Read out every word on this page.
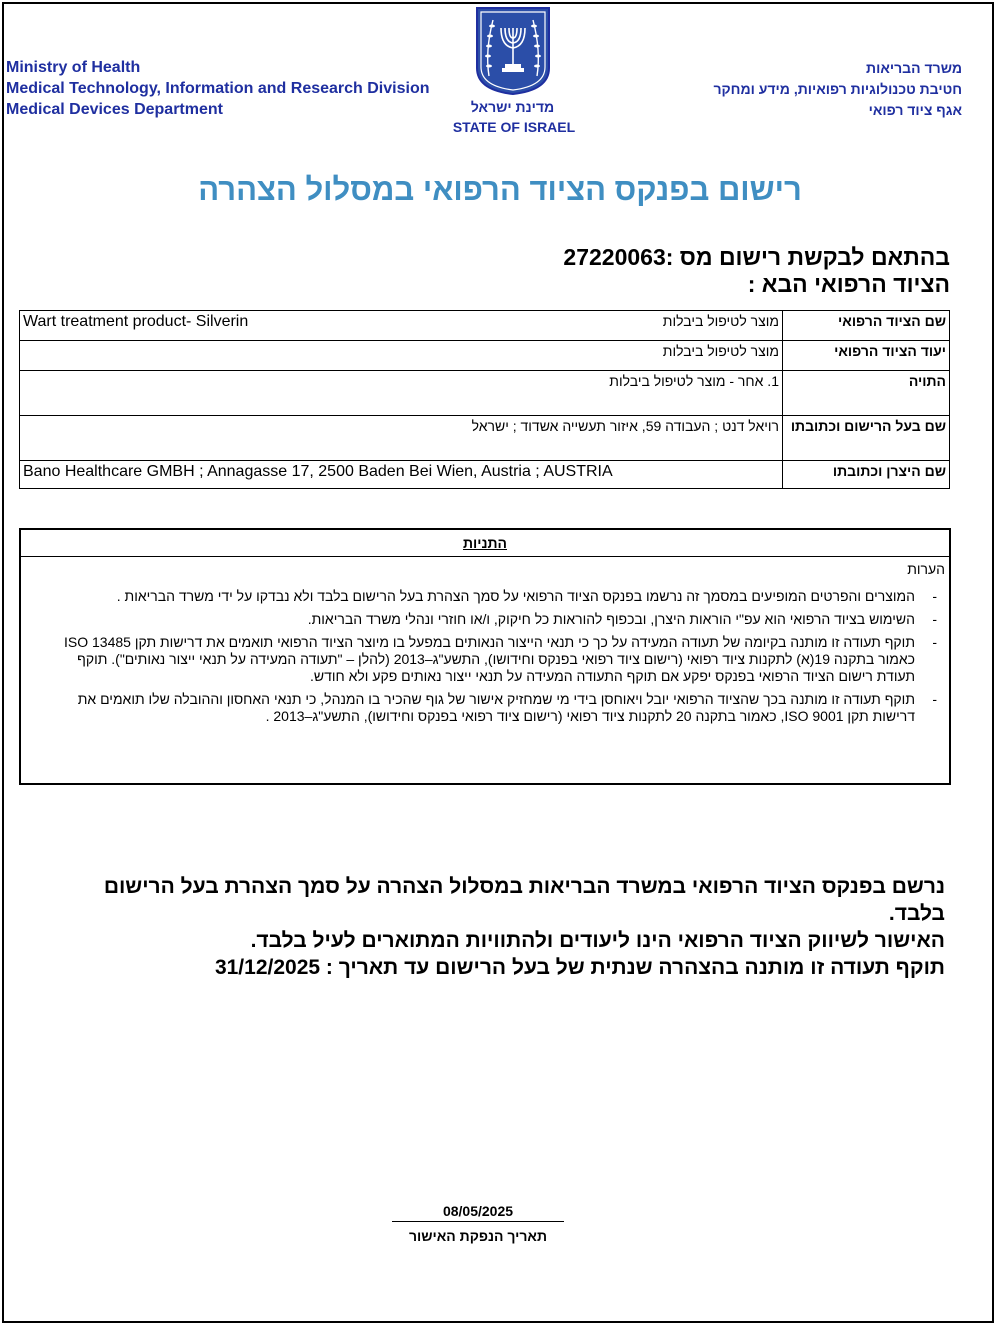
Ministry of Health
Medical Technology, Information and Research Division
Medical Devices Department	מדינת ישראל
STATE OF ISRAEL
משרד הבריאות
חטיבת טכנולוגיות רפואיות, מידע ומחקר
אגף ציוד רפואי
רישום בפנקס הציוד הרפואי במסלול הצהרה
בהתאם לבקשת רישום מס :27220063
הציוד הרפואי הבא :
Wart treatment product- Silverin מוצר לטיפול ביבלות	שם הציוד הרפואי

מוצר לטיפול ביבלות	יעוד הציוד הרפואי

1. אחר - מוצר לטיפול ביבלות	התויה

רויאל דנט ; העבודה 59, איזור תעשייה אשדוד ; ישראל	שם בעל הרישום וכתובתו

Bano Healthcare GMBH ; Annagasse 17, 2500 Baden Bei Wien, Austria ; AUSTRIA	שם היצרן וכתובתו
התניות
הערות
-
המוצרים והפרטים המופיעים במסמך זה נרשמו בפנקס הציוד הרפואי על סמך הצהרת בעל הרישום בלבד ולא נבדקו על ידי משרד הבריאות .
-
השימוש בציוד הרפואי הוא עפ"י הוראות היצרן, ובכפוף להוראות כל חיקוק, ו/או חוזרי ונהלי משרד הבריאות.
-
תוקף תעודה זו מותנה בקיומה של תעודה המעידה על כך כי תנאי הייצור הנאותים במפעל בו מיוצר הציוד הרפואי תואמים את דרישות תקן ISO 13485 כאמור בתקנה 19(א) לתקנות ציוד רפואי (רישום ציוד רפואי בפנקס וחידושו), התשע"ג–2013 (להלן – "תעודה המעידה על תנאי ייצור נאותים"). תוקף תעודת רישום הציוד הרפואי בפנקס יפקע אם תוקף התעודה המעידה על תנאי ייצור נאותים פקע ולא חודש.
-
תוקף תעודה זו מותנה בכך שהציוד הרפואי יובל ויאוחסן בידי מי שמחזיק אישור של גוף שהכיר בו המנהל, כי תנאי האחסון וההובלה שלו תואמים את דרישות תקן ISO 9001, כאמור בתקנה 20 לתקנות ציוד רפואי (רישום ציוד רפואי בפנקס וחידושו), התשע"ג–2013 .
נרשם בפנקס הציוד הרפואי במשרד הבריאות במסלול הצהרה על סמך הצהרת בעל הרישום בלבד.
האישור לשיווק הציוד הרפואי הינו ליעודים ולהתוויות המתוארים לעיל בלבד.
תוקף תעודה זו מותנה בהצהרה שנתית של בעל הרישום עד תאריך : 31/12/2025
08/05/2025
תאריך הנפקת האישור
